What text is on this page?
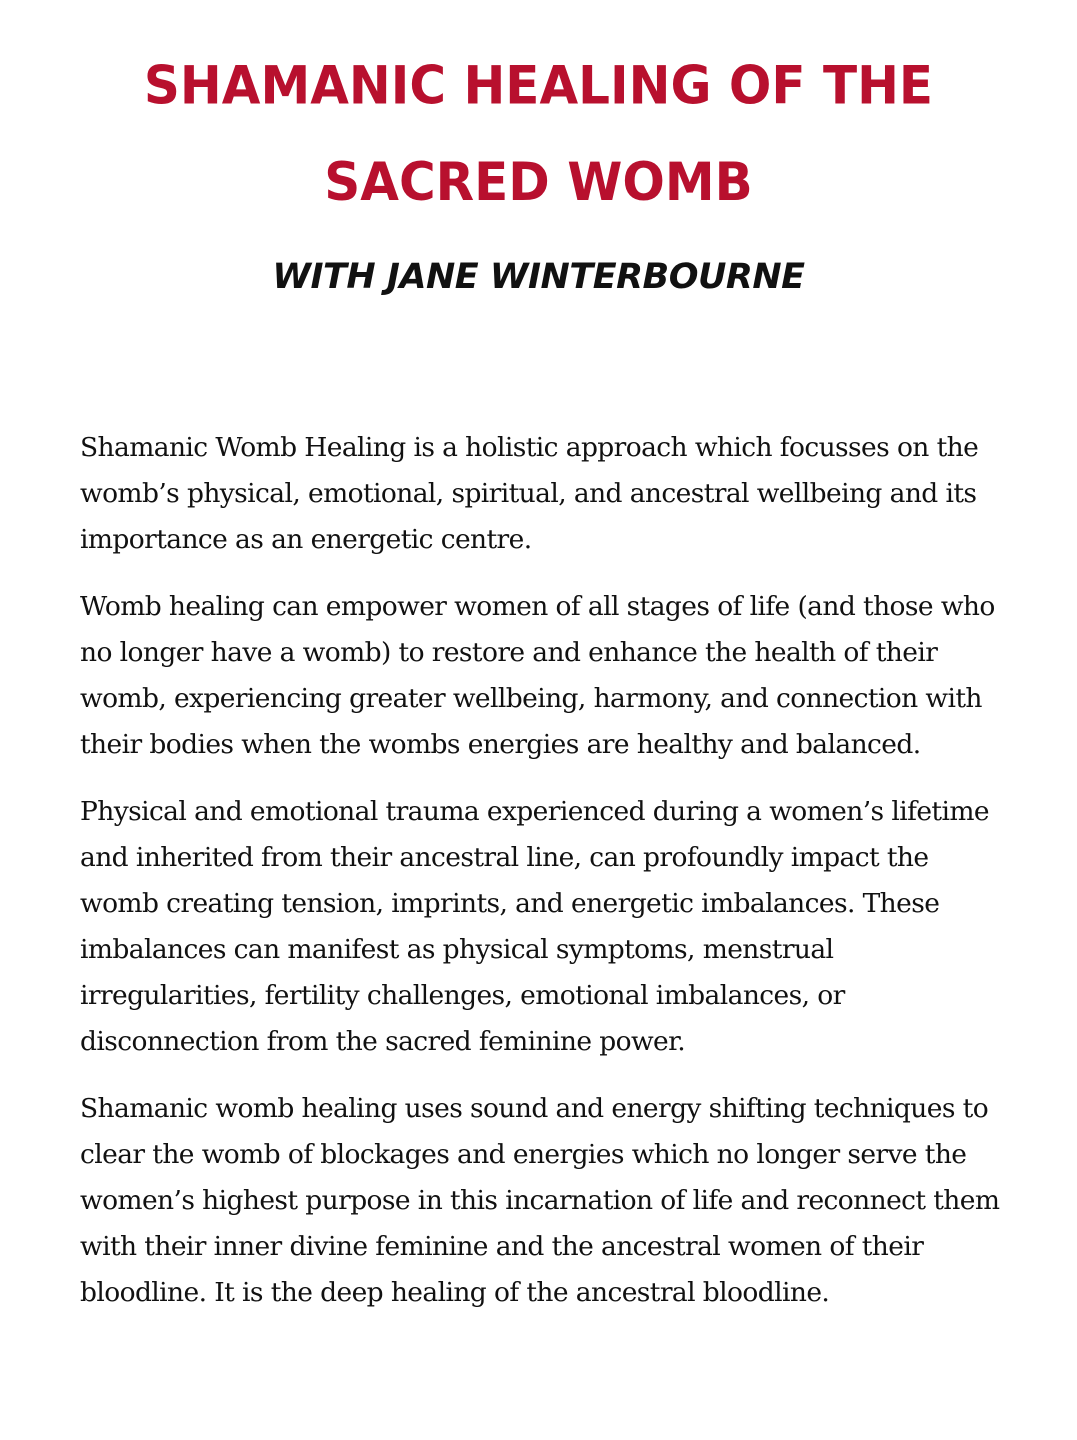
SHAMANIC HEALING OF THE SACRED WOMB
WITH JANE WINTERBOURNE

Shamanic Womb Healing is a holistic approach which focusses on the womb’s physical, emotional, spiritual, and ancestral wellbeing and its importance as an energetic centre.

Womb healing can empower women of all stages of life (and those who no longer have a womb) to restore and enhance the health of their womb, experiencing greater wellbeing, harmony, and connection with their bodies when the wombs energies are healthy and balanced.

Physical and emotional trauma experienced during a women’s lifetime and inherited from their ancestral line, can profoundly impact the womb creating tension, imprints, and energetic imbalances. These imbalances can manifest as physical symptoms, menstrual irregularities, fertility challenges, emotional imbalances, or disconnection from the sacred feminine power.

Shamanic womb healing uses sound and energy shifting techniques to clear the womb of blockages and energies which no longer serve the women’s highest purpose in this incarnation of life and reconnect them with their inner divine feminine and the ancestral women of their bloodline. It is the deep healing of the ancestral bloodline.
